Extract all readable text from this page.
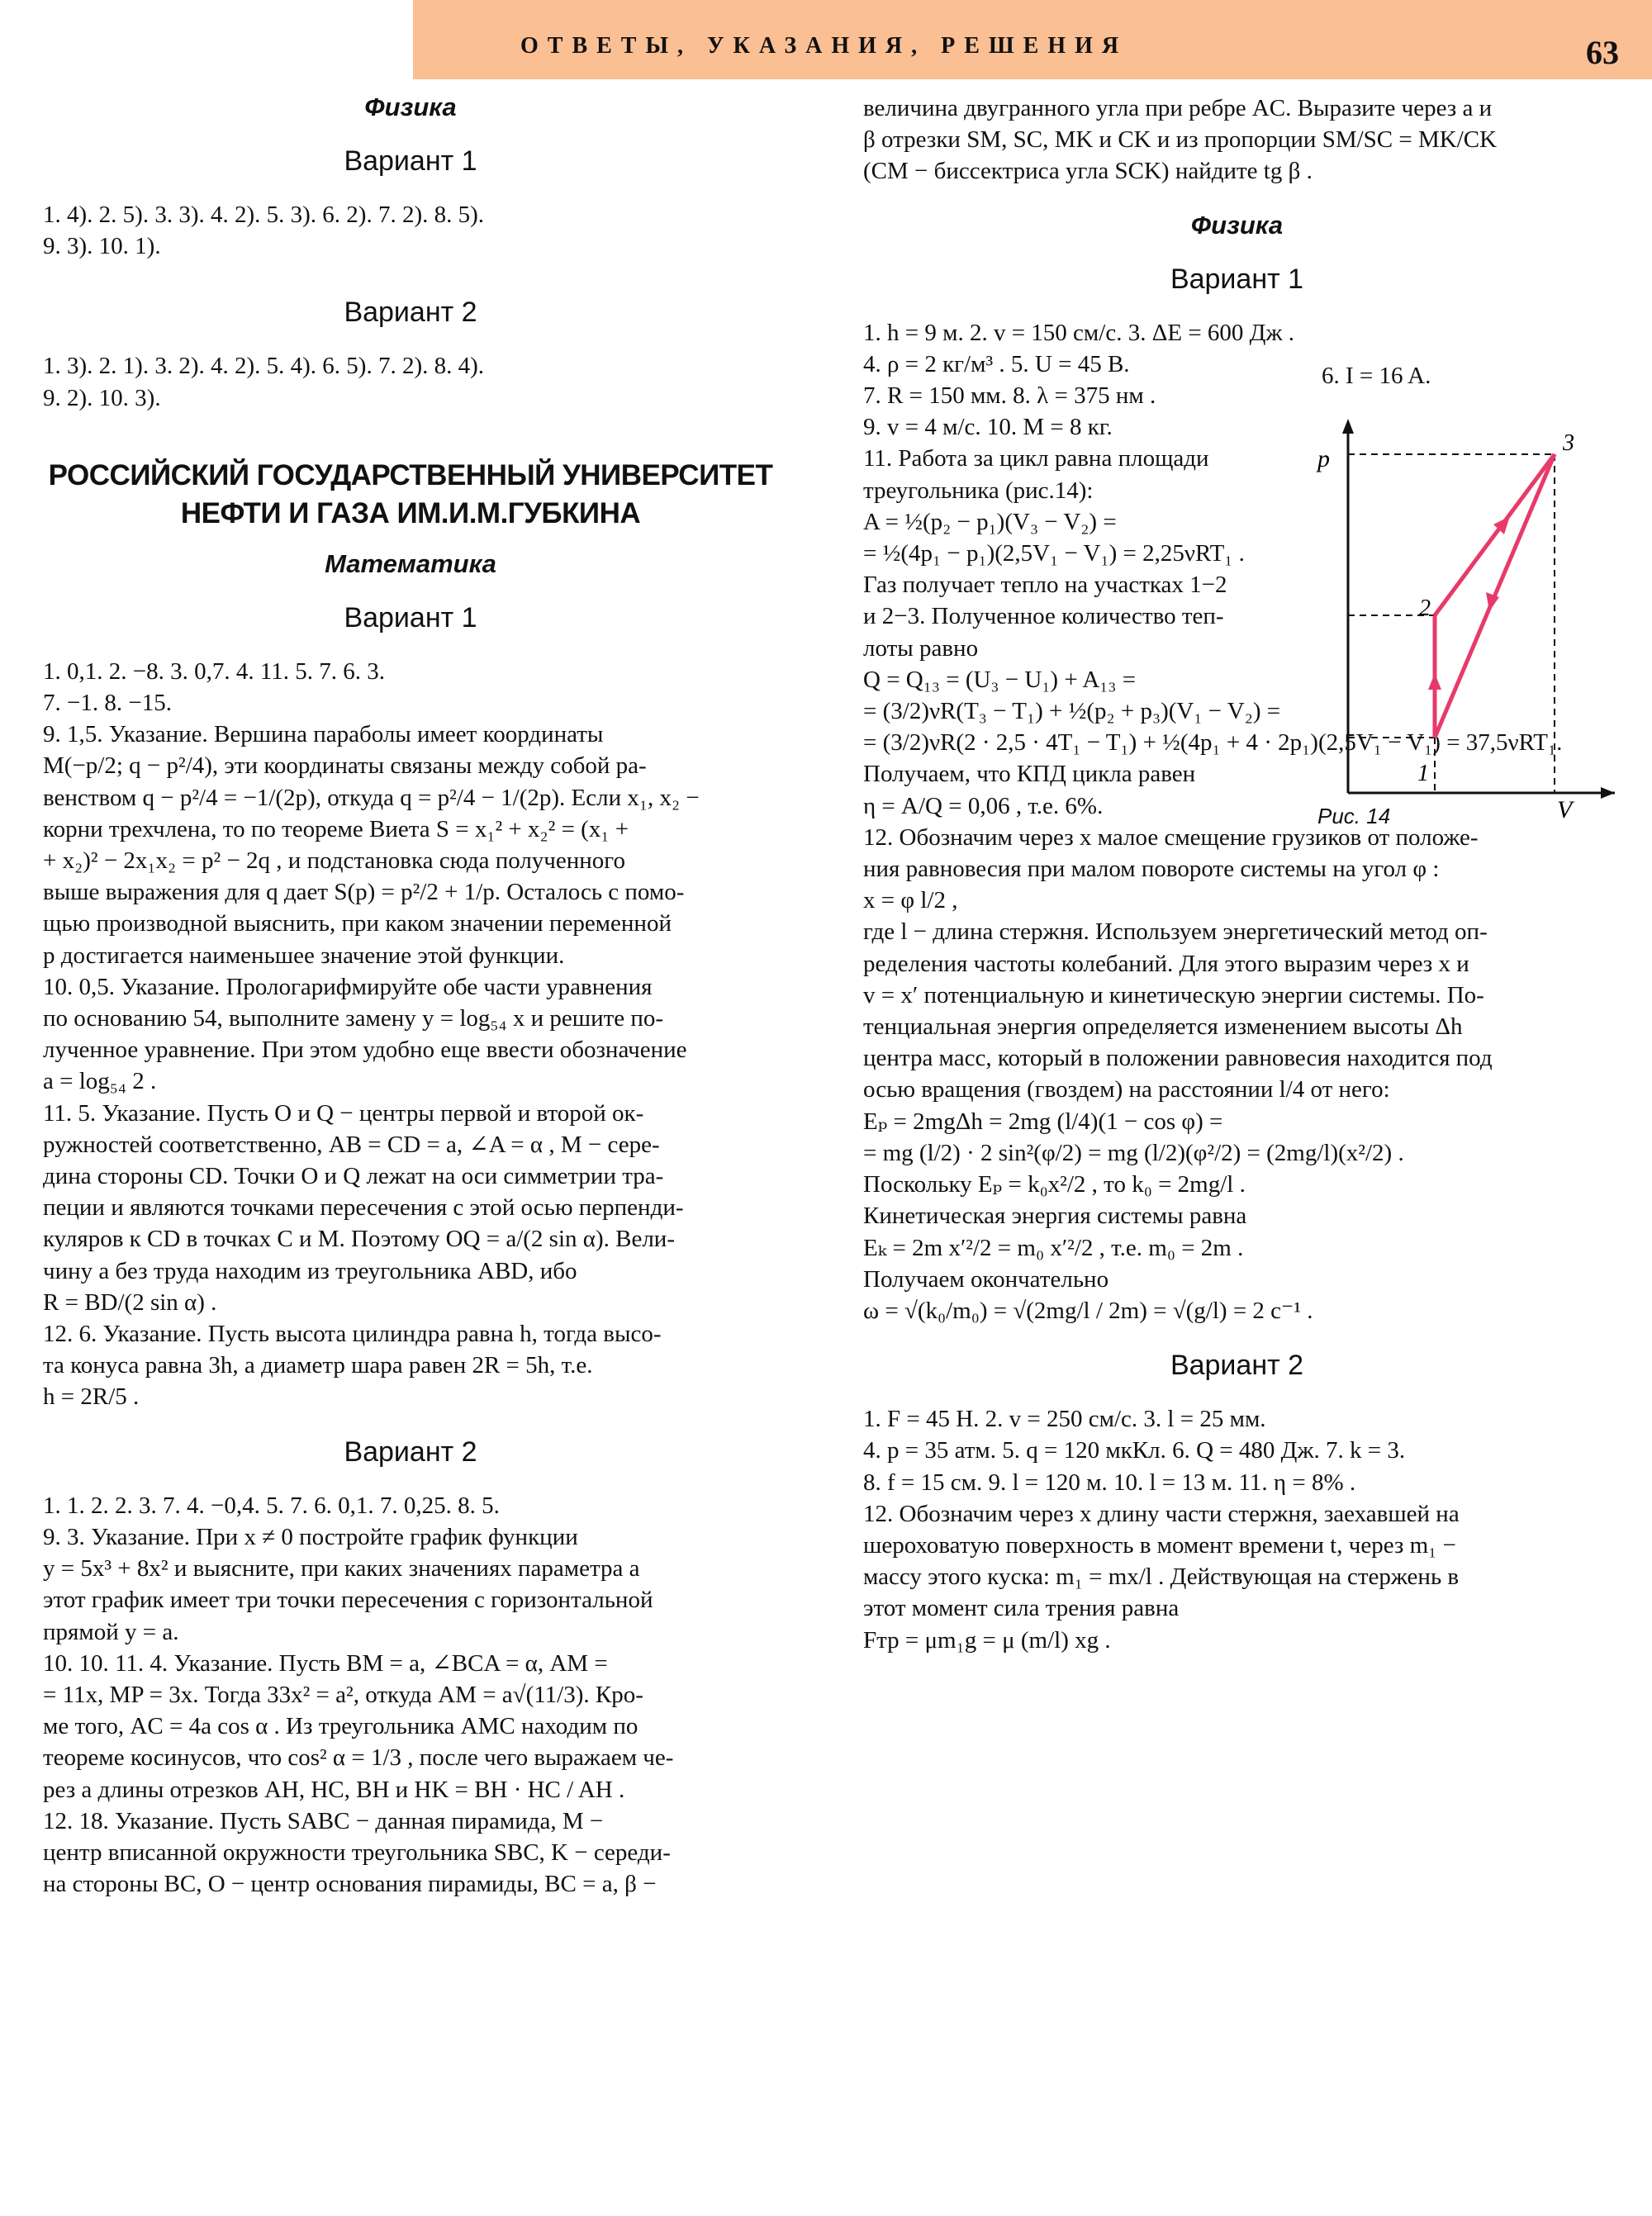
ОТВЕТЫ, УКАЗАНИЯ, РЕШЕНИЯ	63
Физика
Вариант 1
1. 4). 2. 5). 3. 3). 4. 2). 5. 3). 6. 2). 7. 2). 8. 5).
9. 3). 10. 1).
Вариант 2
1. 3). 2. 1). 3. 2). 4. 2). 5. 4). 6. 5). 7. 2). 8. 4).
9. 2). 10. 3).
РОССИЙСКИЙ ГОСУДАРСТВЕННЫЙ УНИВЕРСИТЕТ
НЕФТИ И ГАЗА ИМ.И.М.ГУБКИНА
Математика
Вариант 1
1. 0,1. 2. −8. 3. 0,7. 4. 11. 5. 7. 6. 3.
7. −1. 8. −15.
9. 1,5. Указание. Вершина параболы имеет координаты
M(−p/2; q − p²/4), эти координаты связаны между собой ра-
венством q − p²/4 = −1/(2p), откуда q = p²/4 − 1/(2p). Если x₁, x₂ −
корни трехчлена, то по теореме Виета S = x₁² + x₂² = (x₁ +
+ x₂)² − 2x₁x₂ = p² − 2q , и подстановка сюда полученного
выше выражения для q дает S(p) = p²/2 + 1/p. Осталось с помо-
щью производной выяснить, при каком значении переменной
p достигается наименьшее значение этой функции.
10. 0,5. Указание. Прологарифмируйте обе части уравнения
по основанию 54, выполните замену y = log₅₄ x и решите по-
лученное уравнение. При этом удобно еще ввести обозначение
a = log₅₄ 2 .
11. 5. Указание. Пусть O и Q − центры первой и второй ок-
ружностей соответственно, AB = CD = a, ∠A = α , M − сере-
дина стороны CD. Точки O и Q лежат на оси симметрии тра-
пеции и являются точками пересечения с этой осью перпенди-
куляров к CD в точках C и M. Поэтому OQ = a/(2 sin α). Вели-
чину a без труда находим из треугольника ABD, ибо
R = BD/(2 sin α) .
12. 6. Указание. Пусть высота цилиндра равна h, тогда высо-
та конуса равна 3h, а диаметр шара равен 2R = 5h, т.е.
h = 2R/5 .
Вариант 2
1. 1. 2. 2. 3. 7. 4. −0,4. 5. 7. 6. 0,1. 7. 0,25. 8. 5.
9. 3. Указание. При x ≠ 0 постройте график функции
y = 5x³ + 8x² и выясните, при каких значениях параметра a
этот график имеет три точки пересечения с горизонтальной
прямой y = a.
10. 10. 11. 4. Указание. Пусть BM = a, ∠BCA = α, AM =
= 11x, MP = 3x. Тогда 33x² = a², откуда AM = a√(11/3). Кро-
ме того, AC = 4a cos α . Из треугольника AMC находим по
теореме косинусов, что cos² α = 1/3 , после чего выражаем че-
рез a длины отрезков AH, HC, BH и HK = BH · HC / AH .
12. 18. Указание. Пусть SABC − данная пирамида, M −
центр вписанной окружности треугольника SBC, K − середи-
на стороны BC, O − центр основания пирамиды, BC = a, β −
величина двугранного угла при ребре AC. Выразите через a и
β отрезки SM, SC, MK и CK и из пропорции SM/SC = MK/CK
(CM − биссектриса угла SCK) найдите tg β .
Физика
Вариант 1
1. h = 9 м. 2. v = 150 см/с. 3. ΔE = 600 Дж .
4. ρ = 2 кг/м³ . 5. U = 45 В.
7. R = 150 мм. 8. λ = 375 нм .
9. v = 4 м/с. 10. M = 8 кг.
11. Работа за цикл равна площади
треугольника (рис.14):
A = ½(p₂ − p₁)(V₃ − V₂) =
= ½(4p₁ − p₁)(2,5V₁ − V₁) = 2,25νRT₁ .
Газ получает тепло на участках 1−2
и 2−3. Полученное количество теп-
лоты равно
Q = Q₁₃ = (U₃ − U₁) + A₁₃ =
= (3/2)νR(T₃ − T₁) + ½(p₂ + p₃)(V₁ − V₂) =
= (3/2)νR(2 · 2,5 · 4T₁ − T₁) + ½(4p₁ + 4 · 2p₁)(2,5V₁ − V₁) = 37,5νRT₁.
Получаем, что КПД цикла равен
η = A/Q = 0,06 , т.е. 6%.
12. Обозначим через x малое смещение грузиков от положе-
ния равновесия при малом повороте системы на угол φ :
x = φ l/2 ,
где l − длина стержня. Используем энергетический метод оп-
ределения частоты колебаний. Для этого выразим через x и
v = x′ потенциальную и кинетическую энергии системы. По-
тенциальная энергия определяется изменением высоты Δh
центра масс, который в положении равновесия находится под
осью вращения (гвоздем) на расстоянии l/4 от него:
Eₚ = 2mgΔh = 2mg (l/4)(1 − cos φ) =
= mg (l/2) · 2 sin²(φ/2) = mg (l/2)(φ²/2) = (2mg/l)(x²/2) .
Поскольку Eₚ = k₀x²/2 , то k₀ = 2mg/l .
Кинетическая энергия системы равна
Eₖ = 2m x′²/2 = m₀ x′²/2 , т.е. m₀ = 2m .
Получаем окончательно
ω = √(k₀/m₀) = √(2mg/l / 2m) = √(g/l) = 2 с⁻¹ .
Вариант 2
1. F = 45 Н. 2. v = 250 см/с. 3. l = 25 мм.
4. p = 35 атм. 5. q = 120 мкКл. 6. Q = 480 Дж. 7. k = 3.
8. f = 15 см. 9. l = 120 м. 10. l = 13 м. 11. η = 8% .
12. Обозначим через x длину части стержня, заехавшей на
шероховатую поверхность в момент времени t, через m₁ −
массу этого куска: m₁ = mx/l . Действующая на стержень в
этот момент сила трения равна
Fтр = μm₁g = μ (m/l) xg .
6. I = 16 A.
p
V
1
2
3
Рис. 14
